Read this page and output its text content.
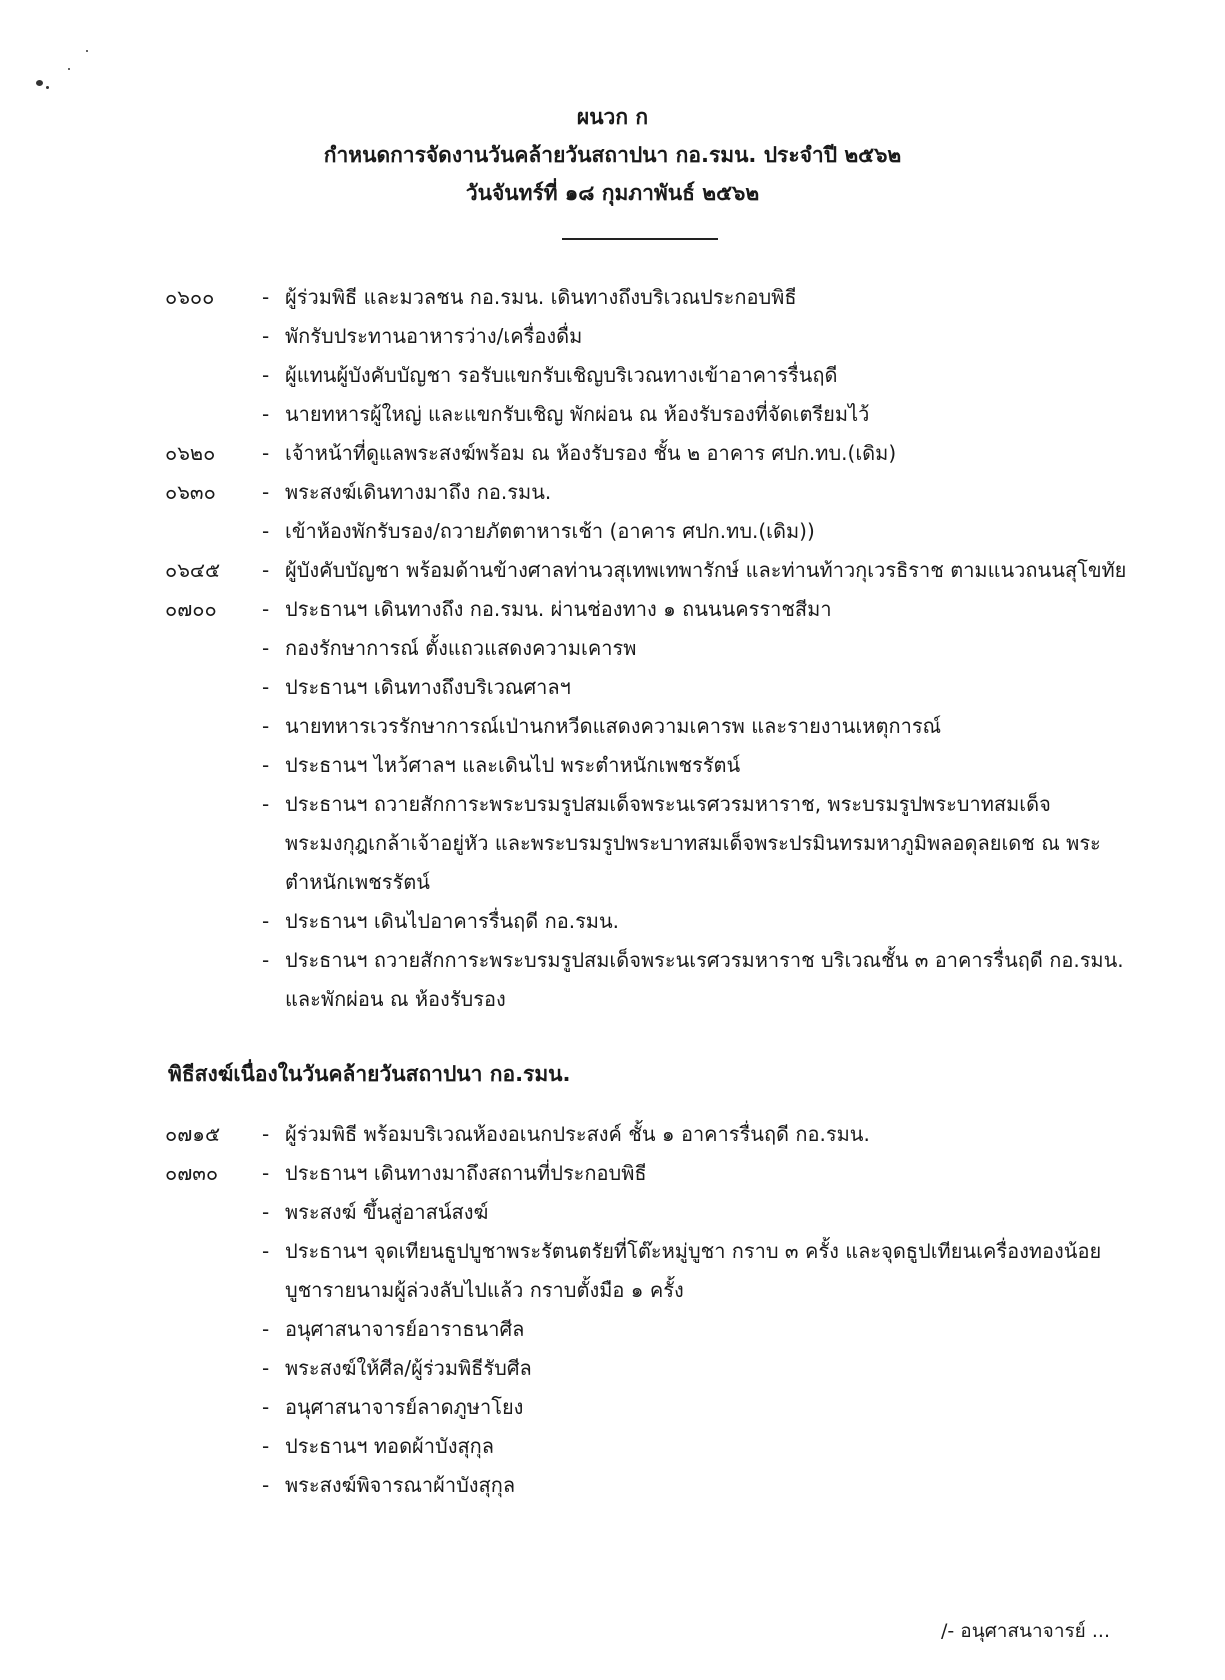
ผนวก ก
กำหนดการจัดงานวันคล้ายวันสถาปนา กอ.รมน. ประจำปี ๒๕๖๒
วันจันทร์ที่ ๑๘ กุมภาพันธ์ ๒๕๖๒
๐๖๐๐	- ผู้ร่วมพิธี และมวลชน กอ.รมน. เดินทางถึงบริเวณประกอบพิธี
- พักรับประทานอาหารว่าง/เครื่องดื่ม
- ผู้แทนผู้บังคับบัญชา รอรับแขกรับเชิญบริเวณทางเข้าอาคารรื่นฤดี
- นายทหารผู้ใหญ่ และแขกรับเชิญ พักผ่อน ณ ห้องรับรองที่จัดเตรียมไว้
๐๖๒๐	- เจ้าหน้าที่ดูแลพระสงฆ์พร้อม ณ ห้องรับรอง ชั้น ๒ อาคาร ศปก.ทบ.(เดิม)
๐๖๓๐	- พระสงฆ์เดินทางมาถึง กอ.รมน.
- เข้าห้องพักรับรอง/ถวายภัตตาหารเช้า (อาคาร ศปก.ทบ.(เดิม))
๐๖๔๕	- ผู้บังคับบัญชา พร้อมด้านข้างศาลท่านวสุเทพเทพารักษ์ และท่านท้าวกุเวรธิราช ตามแนวถนนสุโขทัย
๐๗๐๐	- ประธานฯ เดินทางถึง กอ.รมน. ผ่านช่องทาง ๑ ถนนนครราชสีมา
- กองรักษาการณ์ ตั้งแถวแสดงความเคารพ
- ประธานฯ เดินทางถึงบริเวณศาลฯ
- นายทหารเวรรักษาการณ์เป่านกหวีดแสดงความเคารพ และรายงานเหตุการณ์
- ประธานฯ ไหว้ศาลฯ และเดินไป พระตำหนักเพชรรัตน์
- ประธานฯ ถวายสักการะพระบรมรูปสมเด็จพระนเรศวรมหาราช, พระบรมรูปพระบาทสมเด็จพระมงกุฎเกล้าเจ้าอยู่หัว และพระบรมรูปพระบาทสมเด็จพระปรมินทรมหาภูมิพลอดุลยเดช ณ พระตำหนักเพชรรัตน์
- ประธานฯ เดินไปอาคารรื่นฤดี กอ.รมน.
- ประธานฯ ถวายสักการะพระบรมรูปสมเด็จพระนเรศวรมหาราช บริเวณชั้น ๓ อาคารรื่นฤดี กอ.รมน. และพักผ่อน ณ ห้องรับรอง
พิธีสงฆ์เนื่องในวันคล้ายวันสถาปนา กอ.รมน.
๐๗๑๕	- ผู้ร่วมพิธี พร้อมบริเวณห้องอเนกประสงค์ ชั้น ๑ อาคารรื่นฤดี กอ.รมน.
๐๗๓๐	- ประธานฯ เดินทางมาถึงสถานที่ประกอบพิธี
- พระสงฆ์ ขึ้นสู่อาสน์สงฆ์
- ประธานฯ จุดเทียนธูปบูชาพระรัตนตรัยที่โต๊ะหมู่บูชา กราบ ๓ ครั้ง และจุดธูปเทียนเครื่องทองน้อยบูชารายนามผู้ล่วงลับไปแล้ว กราบตั้งมือ ๑ ครั้ง
- อนุศาสนาจารย์อาราธนาศีล
- พระสงฆ์ให้ศีล/ผู้ร่วมพิธีรับศีล
- อนุศาสนาจารย์ลาดภูษาโยง
- ประธานฯ ทอดผ้าบังสุกุล
- พระสงฆ์พิจารณาผ้าบังสุกุล
/- อนุศาสนาจารย์ ...
